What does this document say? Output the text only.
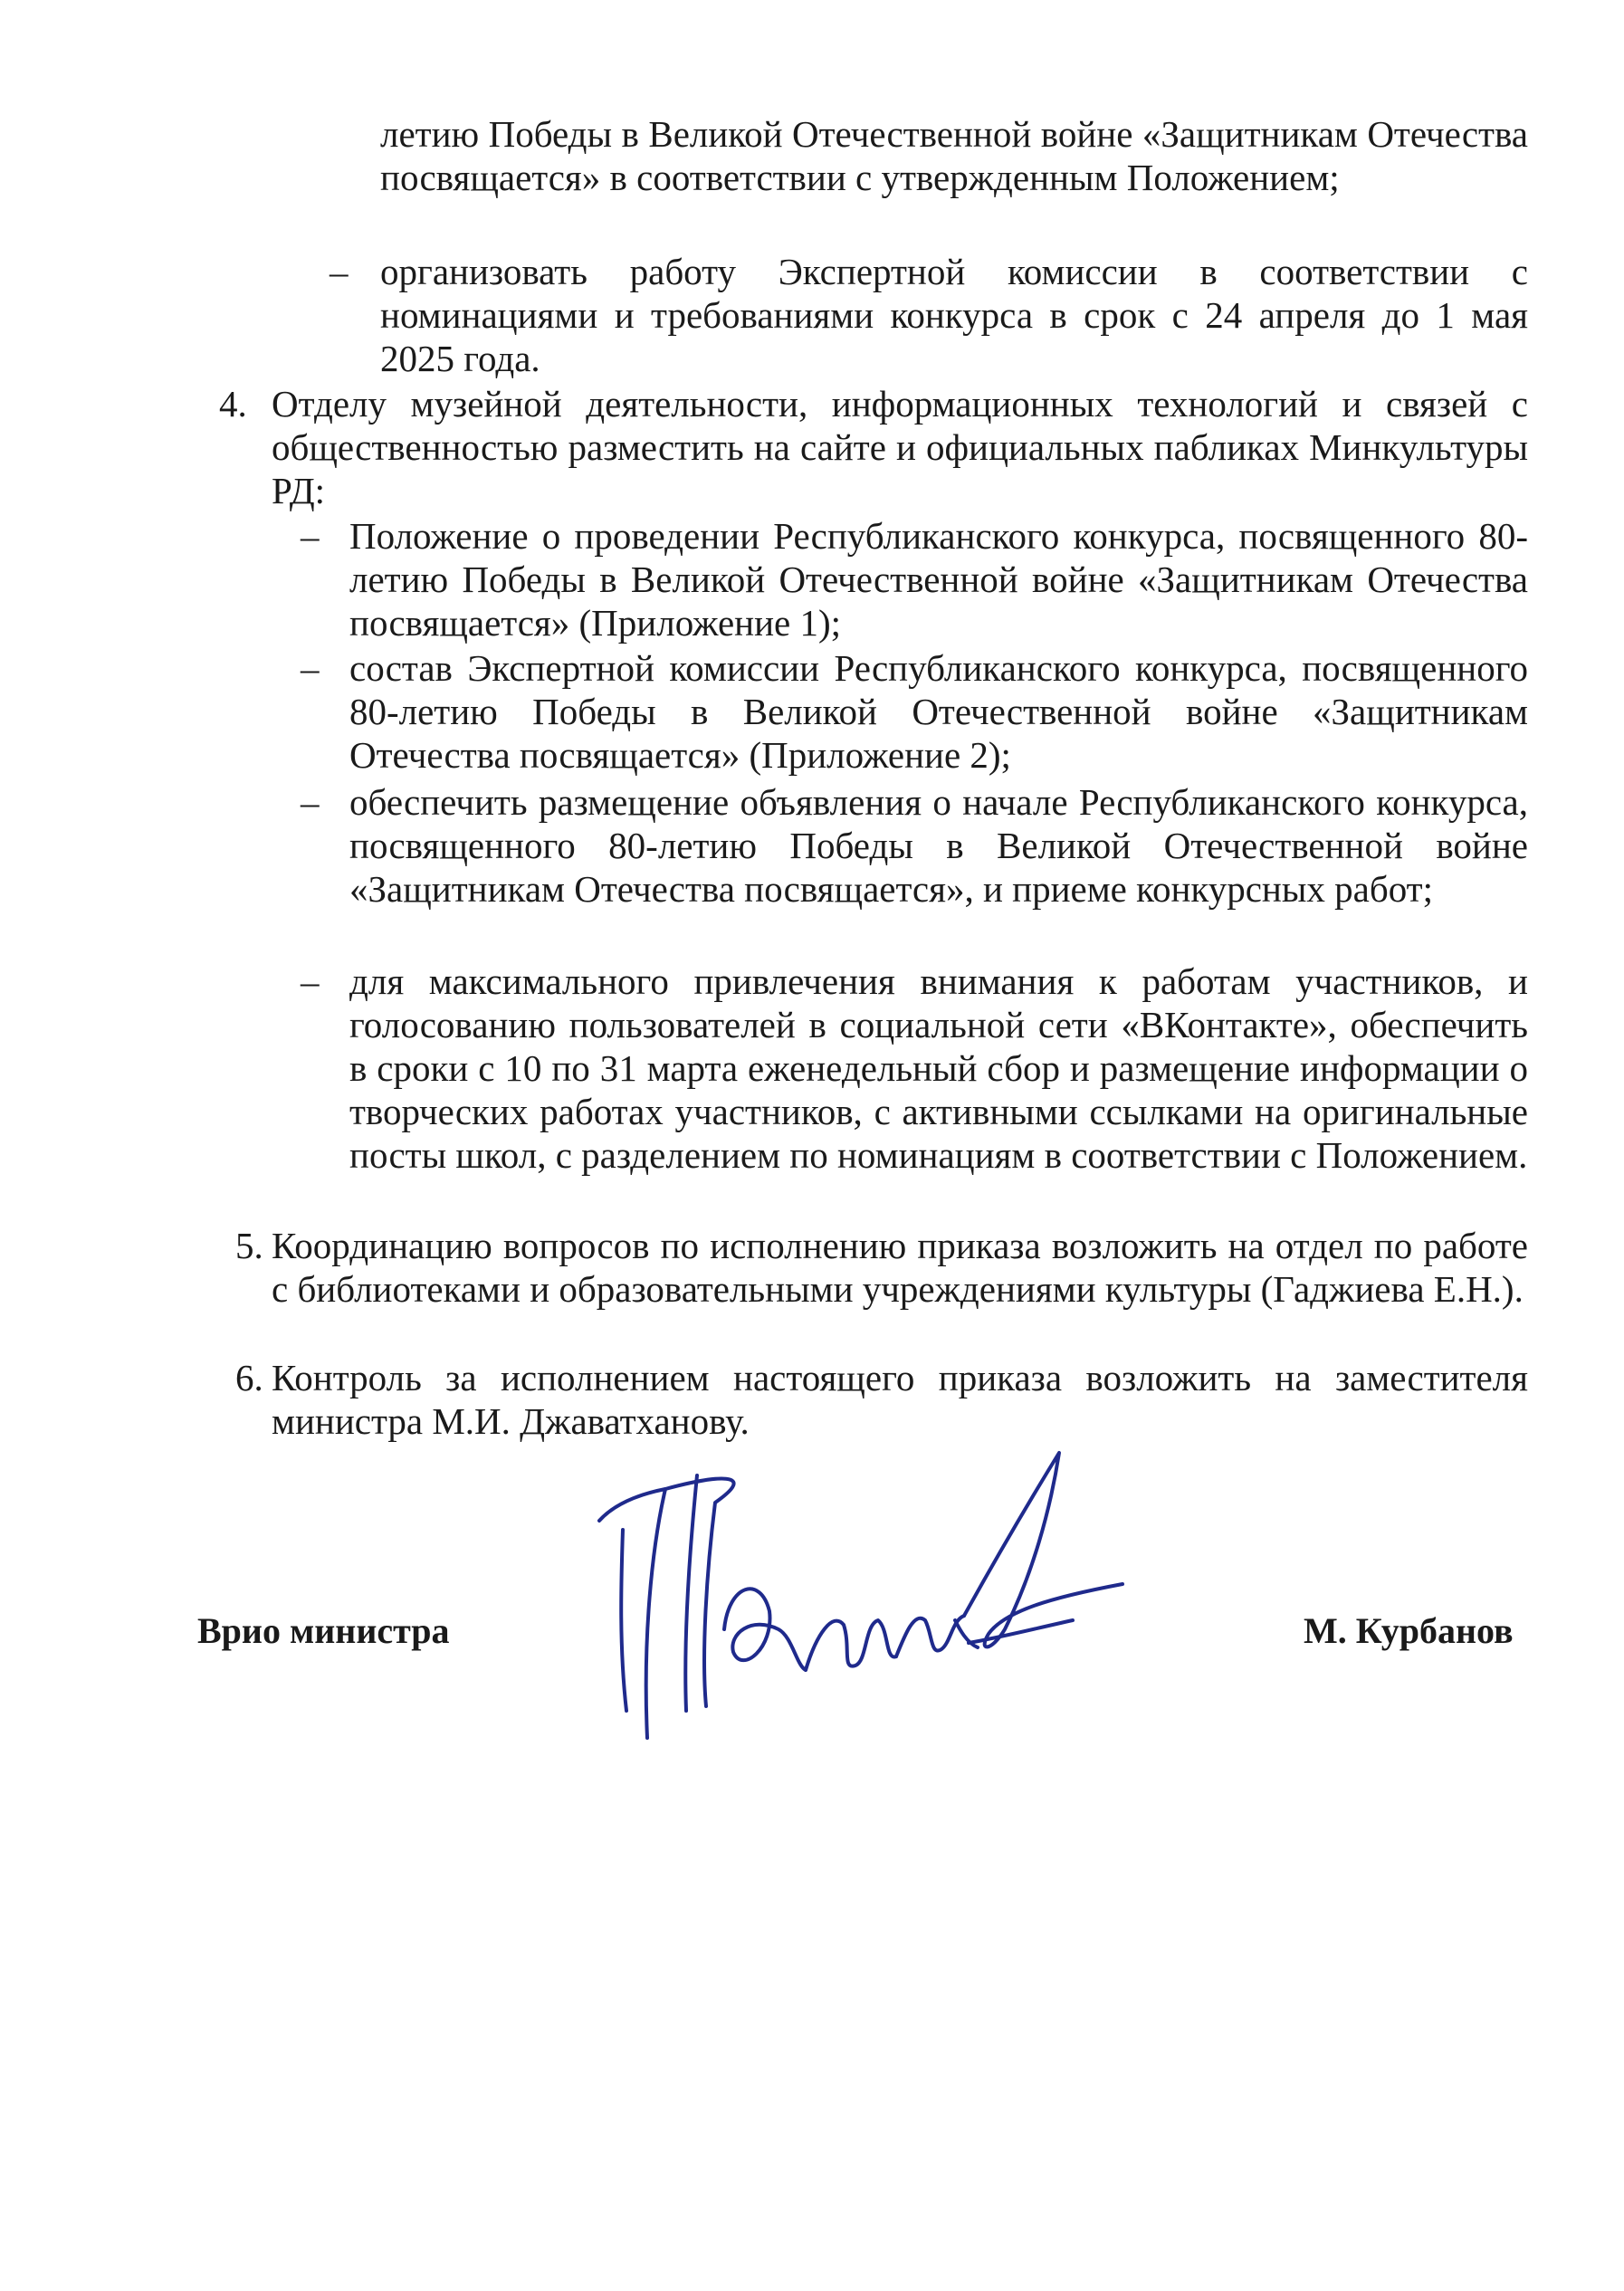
летию Победы в Великой Отечественной войне «Защитникам Отечества посвящается» в соответствии с утвержденным Положением;
– организовать работу Экспертной комиссии в соответствии с номинациями и требованиями конкурса в срок с 24 апреля до 1 мая 2025 года.
4. Отделу музейной деятельности, информационных технологий и связей с общественностью разместить на сайте и официальных пабликах Минкультуры РД:
– Положение о проведении Республиканского конкурса, посвященного 80-летию Победы в Великой Отечественной войне «Защитникам Отечества посвящается» (Приложение 1);
– состав Экспертной комиссии Республиканского конкурса, посвященного 80-летию Победы в Великой Отечественной войне «Защитникам Отечества посвящается» (Приложение 2);
– обеспечить размещение объявления о начале Республиканского конкурса, посвященного 80-летию Победы в Великой Отечественной войне «Защитникам Отечества посвящается», и приеме конкурсных работ;
– для максимального привлечения внимания к работам участников, и голосованию пользователей в социальной сети «ВКонтакте», обеспечить в сроки с 10 по 31 марта еженедельный сбор и размещение информации о творческих работах участников, с активными ссылками на оригинальные посты школ, с разделением по номинациям в соответствии с Положением.
5. Координацию вопросов по исполнению приказа возложить на отдел по работе с библиотеками и образовательными учреждениями культуры (Гаджиева Е.Н.).
6. Контроль за исполнением настоящего приказа возложить на заместителя министра М.И. Джаватханову.
Врио министра	М. Курбанов
